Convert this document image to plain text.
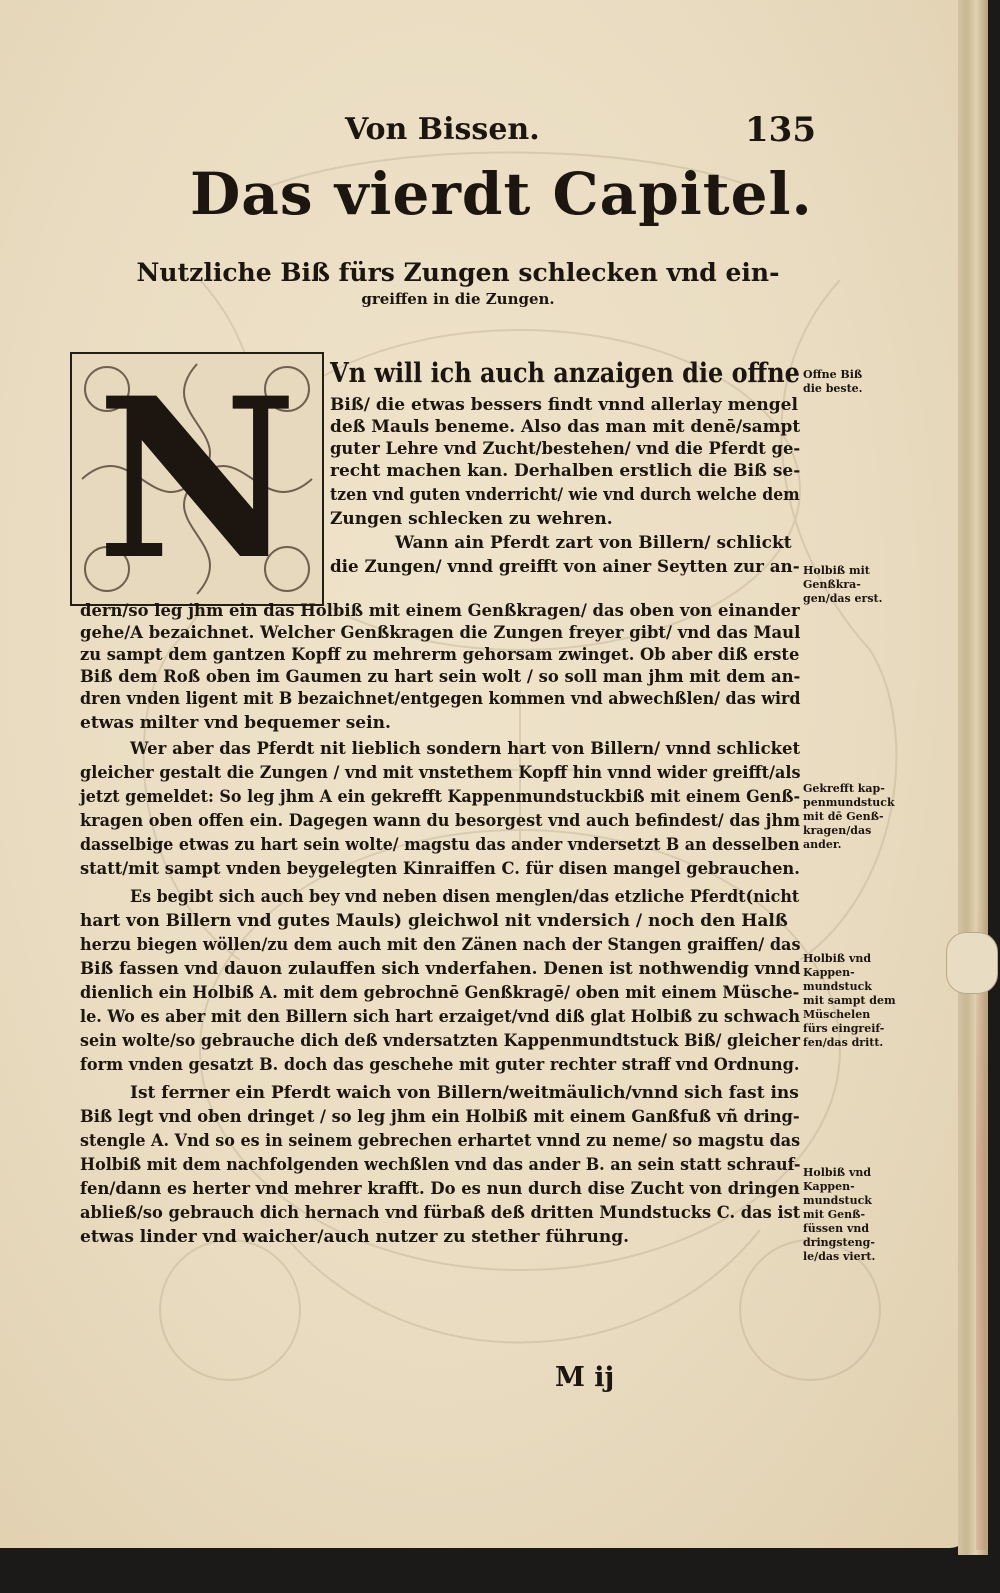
Von Bissen.	135
Das vierdt Capitel.
Nutzliche Biß fürs Zungen schlecken vnd ein-
greiffen in die Zungen.
N	Vn will ich auch anzaigen die offne
Biß/ die etwas bessers findt vnnd allerlay mengel
deß Mauls beneme. Also das man mit denē/sampt
guter Lehre vnd Zucht/bestehen/ vnd die Pferdt ge-
recht machen kan. Derhalben erstlich die Biß se-
tzen vnd guten vnderricht/ wie vnd durch welche dem
Zungen schlecken zu wehren.
Wann ain Pferdt zart von Billern/ schlickt
die Zungen/ vnnd greifft von ainer Seytten zur an-
dern/so leg jhm ein das Holbiß mit einem Genßkragen/ das oben von einander
gehe/A bezaichnet. Welcher Genßkragen die Zungen freyer gibt/ vnd das Maul
zu sampt dem gantzen Kopff zu mehrerm gehorsam zwinget. Ob aber diß erste
Biß dem Roß oben im Gaumen zu hart sein wolt / so soll man jhm mit dem an-
dren vnden ligent mit B bezaichnet/entgegen kommen vnd abwechßlen/ das wird
etwas milter vnd bequemer sein.
Wer aber das Pferdt nit lieblich sondern hart von Billern/ vnnd schlicket
gleicher gestalt die Zungen / vnd mit vnstethem Kopff hin vnnd wider greifft/als
jetzt gemeldet: So leg jhm A ein gekrefft Kappenmundstuckbiß mit einem Genß-
kragen oben offen ein. Dagegen wann du besorgest vnd auch befindest/ das jhm
dasselbige etwas zu hart sein wolte/ magstu das ander vndersetzt B an desselben
statt/mit sampt vnden beygelegten Kinraiffen C. für disen mangel gebrauchen.
Es begibt sich auch bey vnd neben disen menglen/das etzliche Pferdt(nicht
hart von Billern vnd gutes Mauls) gleichwol nit vndersich / noch den Halß
herzu biegen wöllen/zu dem auch mit den Zänen nach der Stangen graiffen/ das
Biß fassen vnd dauon zulauffen sich vnderfahen. Denen ist nothwendig vnnd
dienlich ein Holbiß A. mit dem gebrochnē Genßkragē/ oben mit einem Müsche-
le. Wo es aber mit den Billern sich hart erzaiget/vnd diß glat Holbiß zu schwach
sein wolte/so gebrauche dich deß vndersatzten Kappenmundtstuck Biß/ gleicher
form vnden gesatzt B. doch das geschehe mit guter rechter straff vnd Ordnung.
Ist ferrner ein Pferdt waich von Billern/weitmäulich/vnnd sich fast ins
Biß legt vnd oben dringet / so leg jhm ein Holbiß mit einem Ganßfuß vñ dring-
stengle A. Vnd so es in seinem gebrechen erhartet vnnd zu neme/ so magstu das
Holbiß mit dem nachfolgenden wechßlen vnd das ander B. an sein statt schrauf-
fen/dann es herter vnd mehrer krafft. Do es nun durch dise Zucht von dringen
abließ/so gebrauch dich hernach vnd fürbaß deß dritten Mundstucks C. das ist
etwas linder vnd waicher/auch nutzer zu stether führung.
Offne Biß
die beste.
Holbiß mit
Genßkra-
gen/das erst.
Gekrefft kap-
penmundstuck
mit dē Genß-
kragen/das
ander.
Holbiß vnd
Kappen-
mundstuck
mit sampt dem
Müschelen
fürs eingreif-
fen/das dritt.
Holbiß vnd
Kappen-
mundstuck
mit Genß-
füssen vnd
dringsteng-
le/das viert.
M ij
